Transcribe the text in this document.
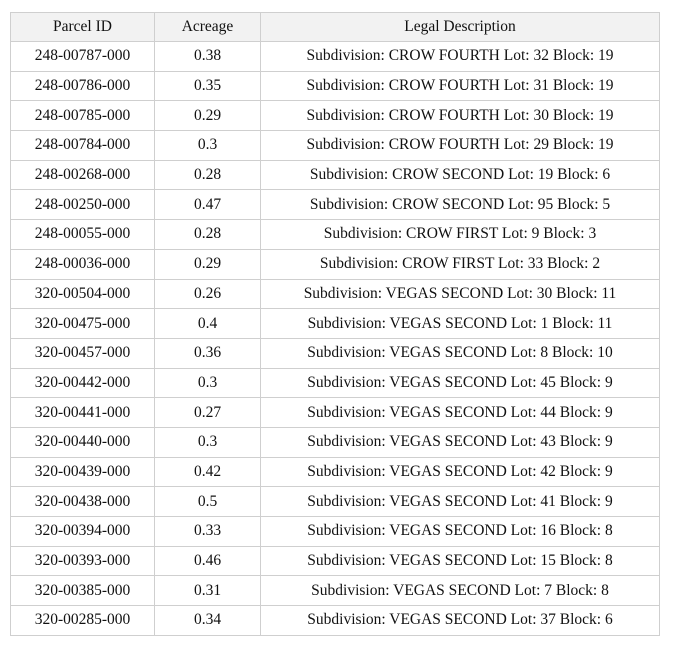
Parcel ID	Acreage	Legal Description
248-00787-000	0.38	Subdivision: CROW FOURTH Lot: 32 Block: 19
248-00786-000	0.35	Subdivision: CROW FOURTH Lot: 31 Block: 19
248-00785-000	0.29	Subdivision: CROW FOURTH Lot: 30 Block: 19
248-00784-000	0.3	Subdivision: CROW FOURTH Lot: 29 Block: 19
248-00268-000	0.28	Subdivision: CROW SECOND Lot: 19 Block: 6
248-00250-000	0.47	Subdivision: CROW SECOND Lot: 95 Block: 5
248-00055-000	0.28	Subdivision: CROW FIRST Lot: 9 Block: 3
248-00036-000	0.29	Subdivision: CROW FIRST Lot: 33 Block: 2
320-00504-000	0.26	Subdivision: VEGAS SECOND Lot: 30 Block: 11
320-00475-000	0.4	Subdivision: VEGAS SECOND Lot: 1 Block: 11
320-00457-000	0.36	Subdivision: VEGAS SECOND Lot: 8 Block: 10
320-00442-000	0.3	Subdivision: VEGAS SECOND Lot: 45 Block: 9
320-00441-000	0.27	Subdivision: VEGAS SECOND Lot: 44 Block: 9
320-00440-000	0.3	Subdivision: VEGAS SECOND Lot: 43 Block: 9
320-00439-000	0.42	Subdivision: VEGAS SECOND Lot: 42 Block: 9
320-00438-000	0.5	Subdivision: VEGAS SECOND Lot: 41 Block: 9
320-00394-000	0.33	Subdivision: VEGAS SECOND Lot: 16 Block: 8
320-00393-000	0.46	Subdivision: VEGAS SECOND Lot: 15 Block: 8
320-00385-000	0.31	Subdivision: VEGAS SECOND Lot: 7 Block: 8
320-00285-000	0.34	Subdivision: VEGAS SECOND Lot: 37 Block: 6
